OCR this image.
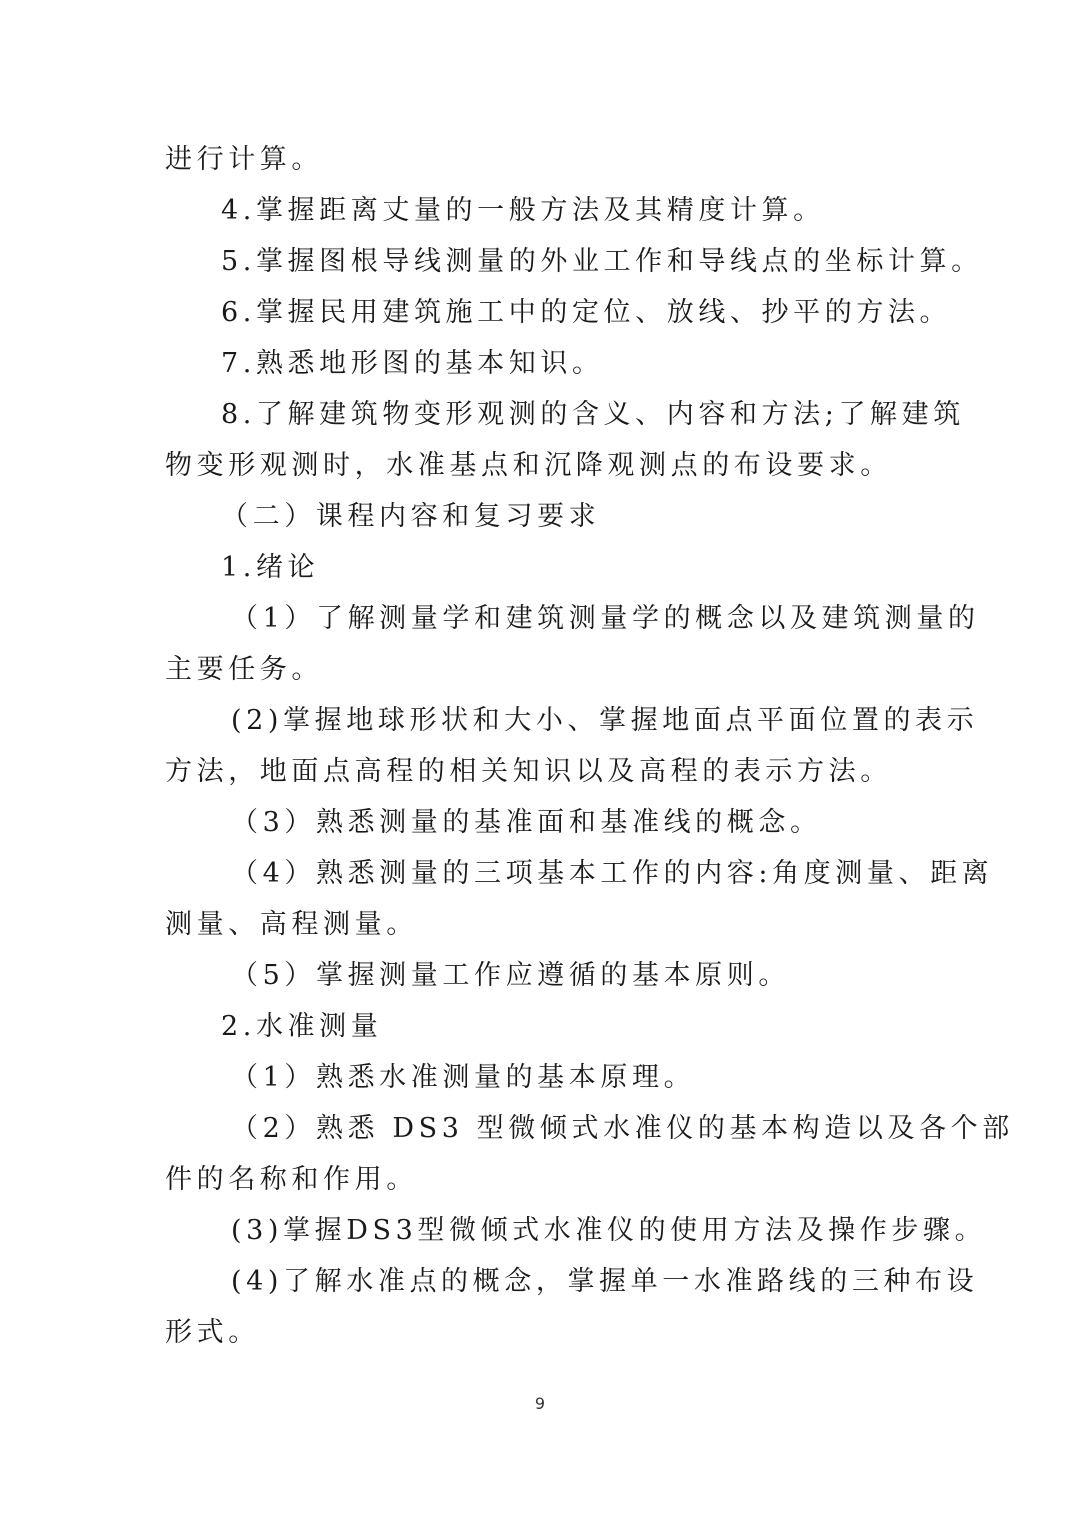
进行计算。
4.掌握距离丈量的一般方法及其精度计算。
5.掌握图根导线测量的外业工作和导线点的坐标计算。
6.掌握民用建筑施工中的定位、放线、抄平的方法。
7.熟悉地形图的基本知识。
8.了解建筑物变形观测的含义、内容和方法;了解建筑
物变形观测时，水准基点和沉降观测点的布设要求。
（二）课程内容和复习要求
1.绪论
（1）了解测量学和建筑测量学的概念以及建筑测量的
主要任务。
(2)掌握地球形状和大小、掌握地面点平面位置的表示
方法，地面点高程的相关知识以及高程的表示方法。
（3）熟悉测量的基准面和基准线的概念。
（4）熟悉测量的三项基本工作的内容:角度测量、距离
测量、高程测量。
（5）掌握测量工作应遵循的基本原则。
2.水准测量
（1）熟悉水准测量的基本原理。
（2）熟悉 DS3 型微倾式水准仪的基本构造以及各个部
件的名称和作用。
(3)掌握DS3型微倾式水准仪的使用方法及操作步骤。
(4)了解水准点的概念，掌握单一水准路线的三种布设
形式。
9
